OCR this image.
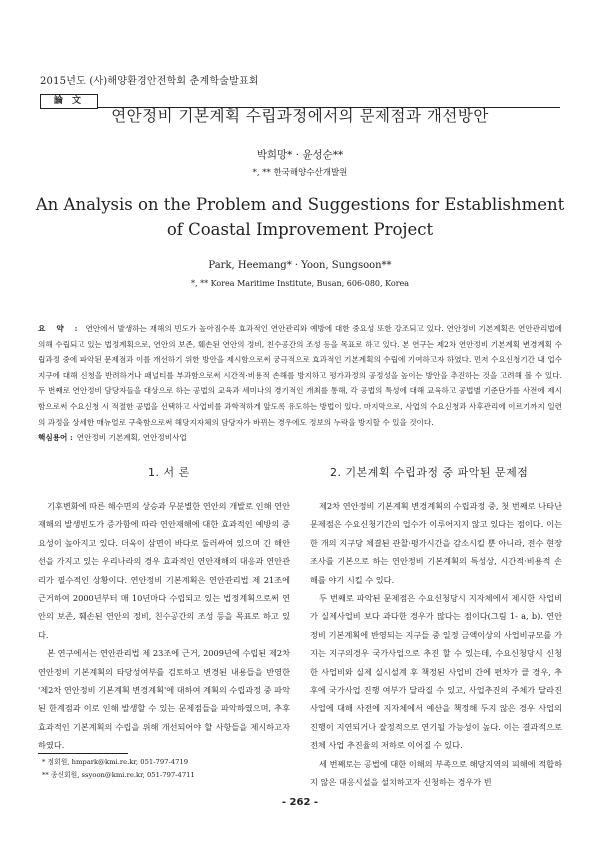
2015년도 (사)해양환경안전학회 춘계학술발표회
論 文
연안정비 기본계획 수립과정에서의 문제점과 개선방안
박희망* · 윤성순**
*, ** 한국해양수산개발원
An Analysis on the Problem and Suggestions for Establishment
of Coastal Improvement Project
Park, Heemang* · Yoon, Sungsoon**
*, ** Korea Maritime Institute, Busan, 606-080, Korea
요 약 : 연안에서 발생하는 재해의 빈도가 높아짐수록 효과적인 연안관리와 예방에 대한 중요성 또한 강조되고 있다. 연안정비 기본계획은 연안관리법에 의해 수립되고 있는 법정계획으로, 연안의 보존, 훼손된 연안의 정비, 친수공간의 조성 등을 목표로 하고 있다. 본 연구는 제2차 연안정비 기본계획 변경계획 수립과정 중에 파악된 문제점과 이를 개선하기 위한 방안을 제시함으로써 궁극적으로 효과적인 기본계획의 수립에 기여하고자 하였다. 먼저 수요신청기간 내 업수 지구에 대해 신청을 반려하거나 패널티를 부과함으로써 시간적·비용적 손해를 방지하고 평가과정의 공정성을 높이는 방안을 추진하는 것을 고려해 볼 수 있다. 두 번째로 연안정비 담당자들을 대상으로 하는 공법의 교육과 세미나의 경기적인 개최를 통해, 각 공법의 특성에 대해 교육하고 공법별 기준단가를 사전에 제시함으로써 수요신청 시 적절한 공법을 선택하고 사업비를 과학적하게 앞도록 유도하는 방법이 있다. 마지막으로, 사업의 수요신청과 사후관리에 이르기까지 일련의 과정을 상세한 매뉴얼로 구축함으로써 해당지자체의 담당자가 바뀌는 경우에도 정보의 누락을 방지할 수 있을 것이다.
핵심용어 : 연안정비 기본계획, 연안정비사업
1. 서 론	2. 기본계획 수립과정 중 파악된 문제점

기후변화에 따른 해수면의 상승과 무분별한 연안의 개발로 인해 연안재해의 발생빈도가 증가함에 따라 연안재해에 대한 효과적인 예방의 중요성이 높아지고 있다. 더욱이 삼면이 바다로 둘러싸여 있으며 긴 해안선을 가지고 있는 우리나라의 경우 효과적인 연안재해의 대응과 연안관리가 필수적인 상황이다. 연안정비 기본계획은 연안관리법 제 21조에 근거하여 2000년부터 매 10년마다 수립되고 있는 법정계획으로써 연안의 보존, 훼손된 연안의 정비, 친수공간의 조성 등을 목표로 하고 있다.

본 연구에서는 연안관리법 제 23조에 근거, 2009년에 수립된 제2차 연안정비 기본계획의 타당성여부를 검토하고 변경된 내용들을 반영한 '제2차 연안정비 기본계획 변경계획'에 대하여 계획의 수립과정 중 파악된 한계점과 이로 인해 발생할 수 있는 문제점들을 파악하였으며, 추후 효과적인 기본계획의 수립을 위해 개선되어야 할 사항들을 제시하고자 하였다.

제2차 연안정비 기본계획 변경계획의 수립과정 중, 첫 번째로 나타난 문제점은 수요신청기간의 업수가 이루어지지 않고 있다는 점이다. 이는 한 개의 지구당 체결된 관찰·평가시간을 감소시킬 뿐 아니라, 전수 현장조사를 기본으로 하는 연안정비 기본계획의 특성상, 시간적·비용적 손해를 야기 시킬 수 있다.

두 번째로 파악된 문제점은 수요신청당시 지자체에서 제시한 사업비가 실제사업비 보다 과다한 경우가 많다는 점이다(그림 1- a, b). 연안정비 기본계획에 반영되는 지구들 중 일정 금액이상의 사업비규모를 가지는 지구의경우 국가사업으로 추진 할 수 있는데, 수요신청당시 신청한 사업비와 실제 실시설계 후 책정된 사업비 간에 편차가 클 경우, 추후에 국가사업 진행 여부가 달라질 수 있고, 사업추진의 주체가 달라진 사업에 대해 사전에 지자체에서 예산을 책정해 두지 않은 경우 사업의 진행이 지연되거나 잘정적으로 연기될 가능성이 높다. 이는 결과적으로 전체 사업 추진율의 저하로 이어질 수 있다.

세 번째로는 공법에 대한 이해의 부족으로 해당지역의 피해에 적합하지 않은 대응시설을 설치하고자 신청하는 경우가 빈

* 정회원, hmpark@kmi.re.kr, 051-797-4719
** 종신회원, ssyoon@kmi.re.kr, 051-797-4711
- 262 -
